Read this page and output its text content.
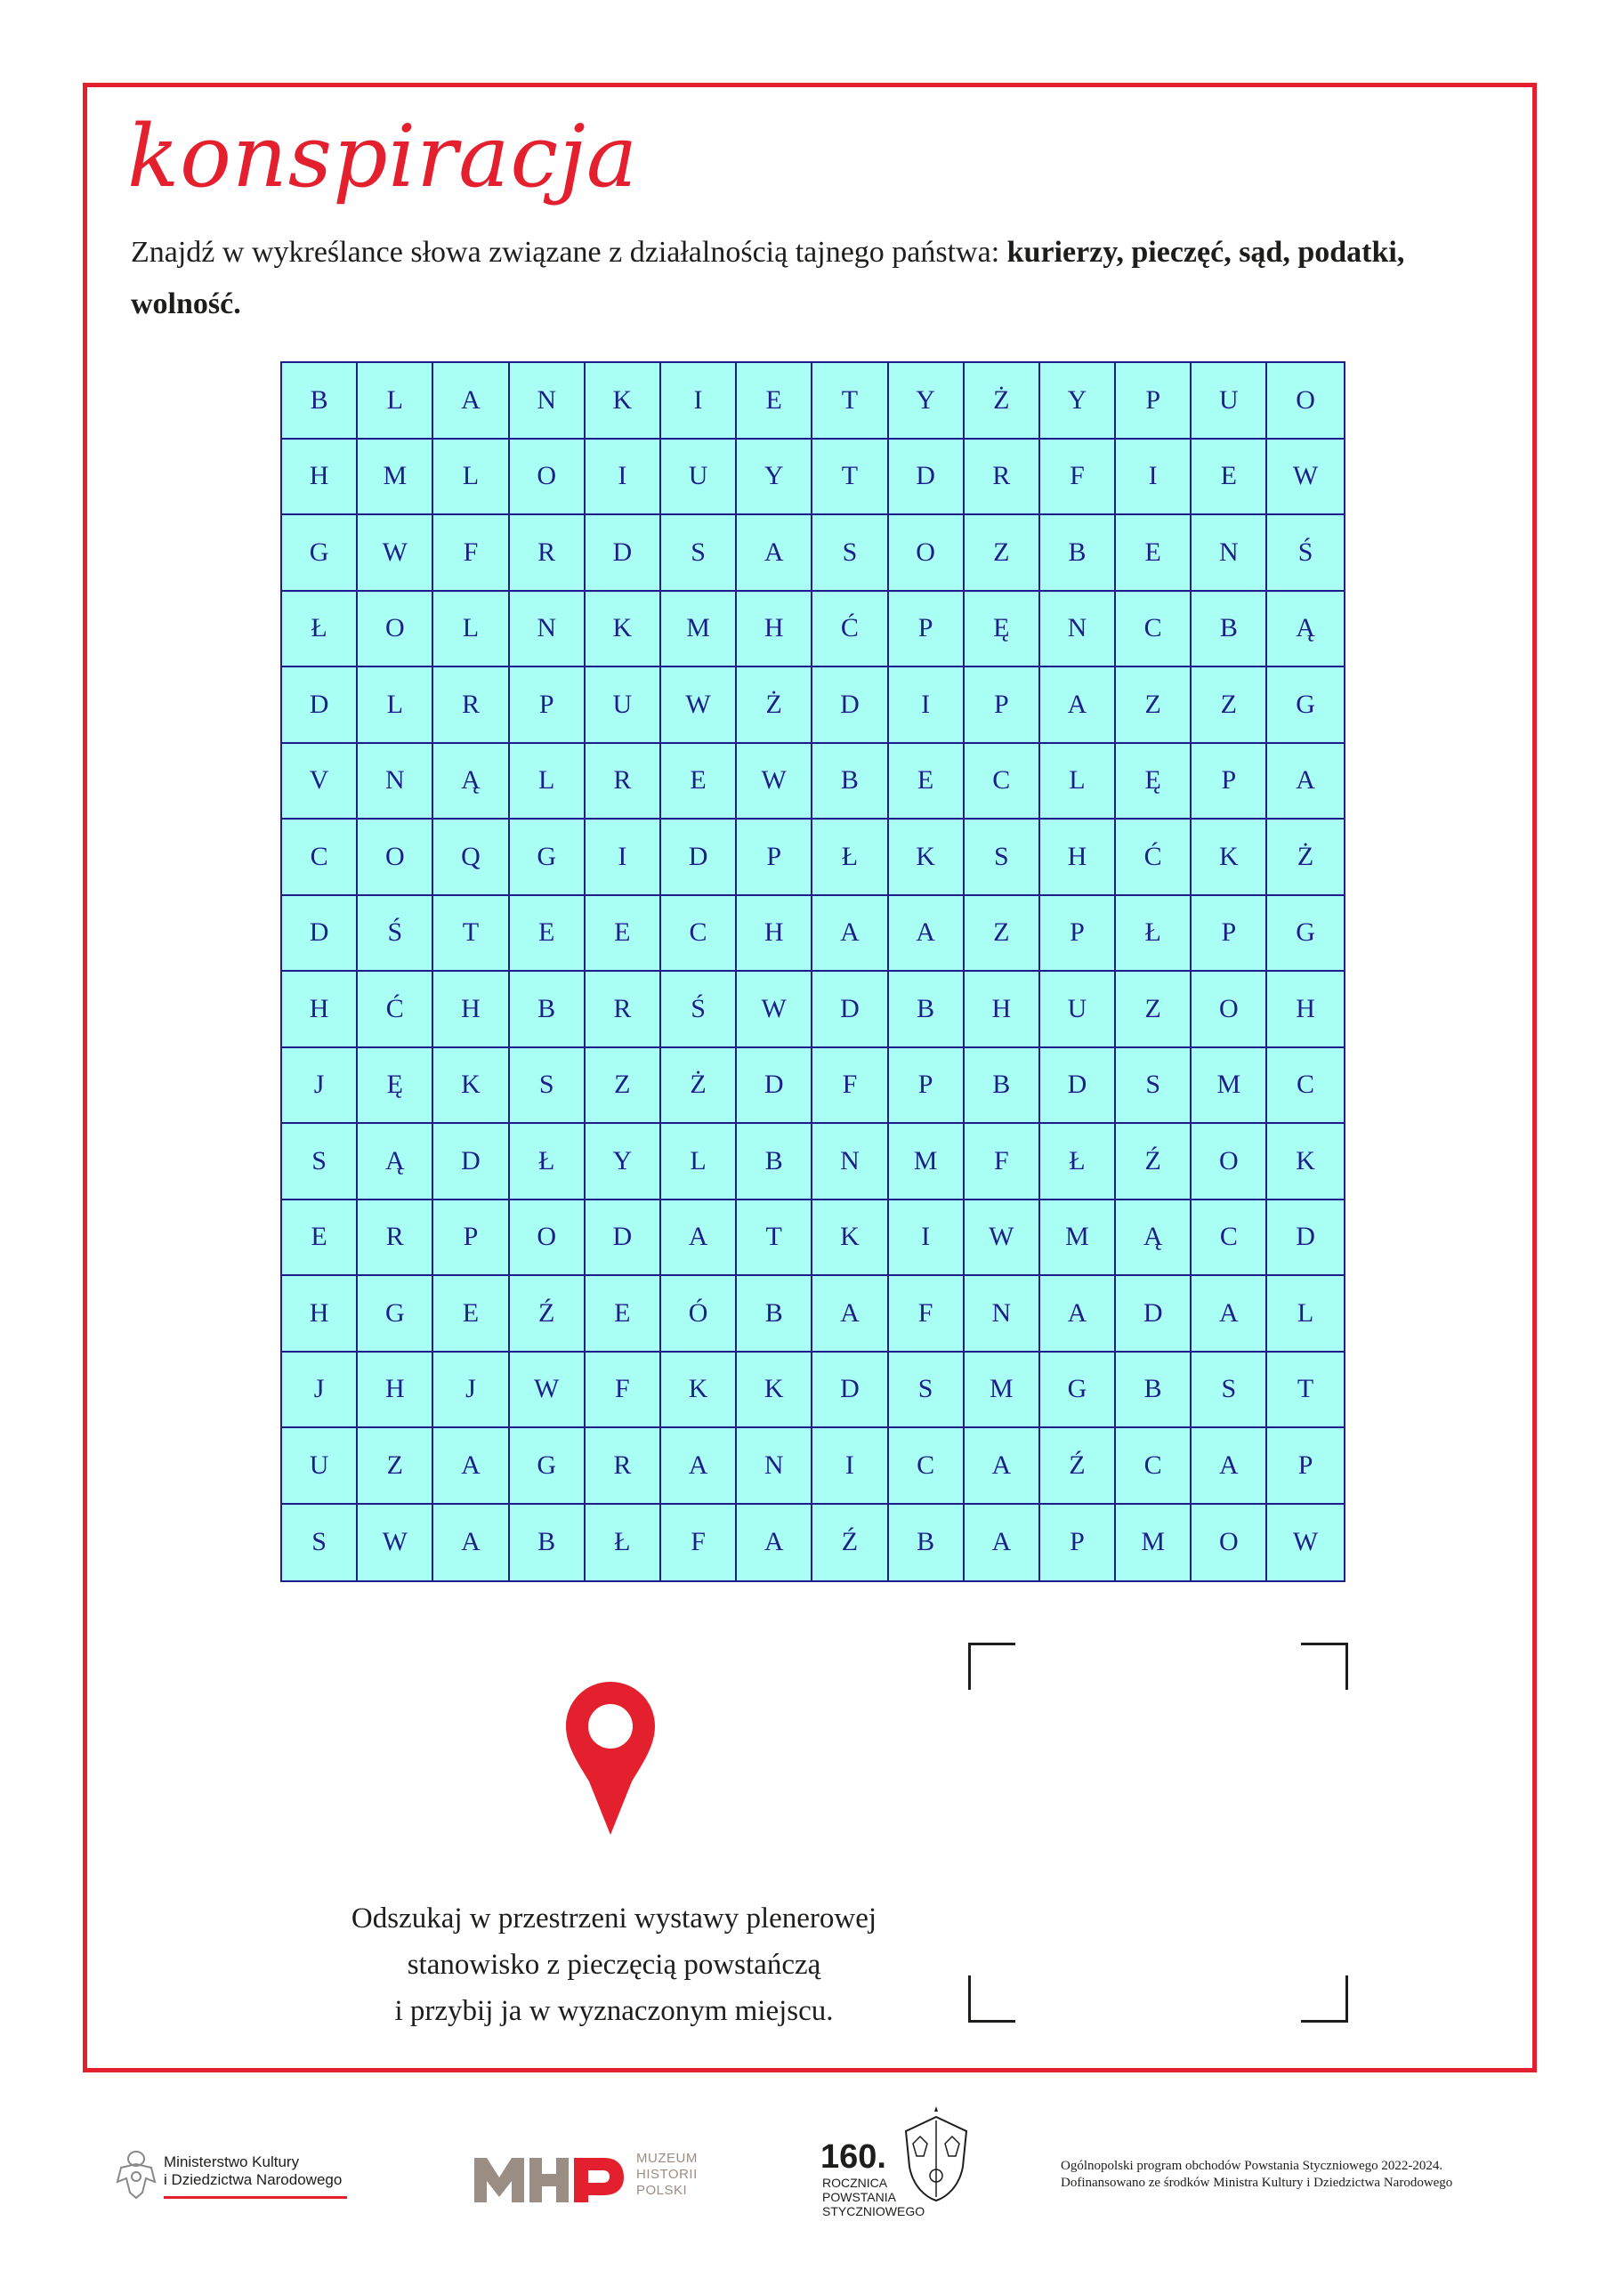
konspiracja

Znajdź w wykreślance słowa związane z działalnością tajnego państwa: kurierzy, pieczęć, sąd, podatki, wolność.

B	L	A	N	K	I	E	T	Y	Ż	Y	P	U	O
H	M	L	O	I	U	Y	T	D	R	F	I	E	W
G	W	F	R	D	S	A	S	O	Z	B	E	N	Ś
Ł	O	L	N	K	M	H	Ć	P	Ę	N	C	B	Ą
D	L	R	P	U	W	Ż	D	I	P	A	Z	Z	G
V	N	Ą	L	R	E	W	B	E	C	L	Ę	P	A
C	O	Q	G	I	D	P	Ł	K	S	H	Ć	K	Ż
D	Ś	T	E	E	C	H	A	A	Z	P	Ł	P	G
H	Ć	H	B	R	Ś	W	D	B	H	U	Z	O	H
J	Ę	K	S	Z	Ż	D	F	P	B	D	S	M	C
S	Ą	D	Ł	Y	L	B	N	M	F	Ł	Ź	O	K
E	R	P	O	D	A	T	K	I	W	M	Ą	C	D
H	G	E	Ź	E	Ó	B	A	F	N	A	D	A	L
J	H	J	W	F	K	K	D	S	M	G	B	S	T
U	Z	A	G	R	A	N	I	C	A	Ź	C	A	P
S	W	A	B	Ł	F	A	Ź	B	A	P	M	O	W
Odszukaj w przestrzeni wystawy plenerowej
stanowisko z pieczęcią powstańczą
i przybij ja w wyznaczonym miejscu.
Ministerstwo Kultury
i Dziedzictwa Narodowego
MUZEUM
HISTORII
POLSKI
160.
ROCZNICA
POWSTANIA
STYCZNIOWEGO
Ogólnopolski program obchodów Powstania Styczniowego 2022-2024.
Dofinansowano ze środków Ministra Kultury i Dziedzictwa Narodowego
